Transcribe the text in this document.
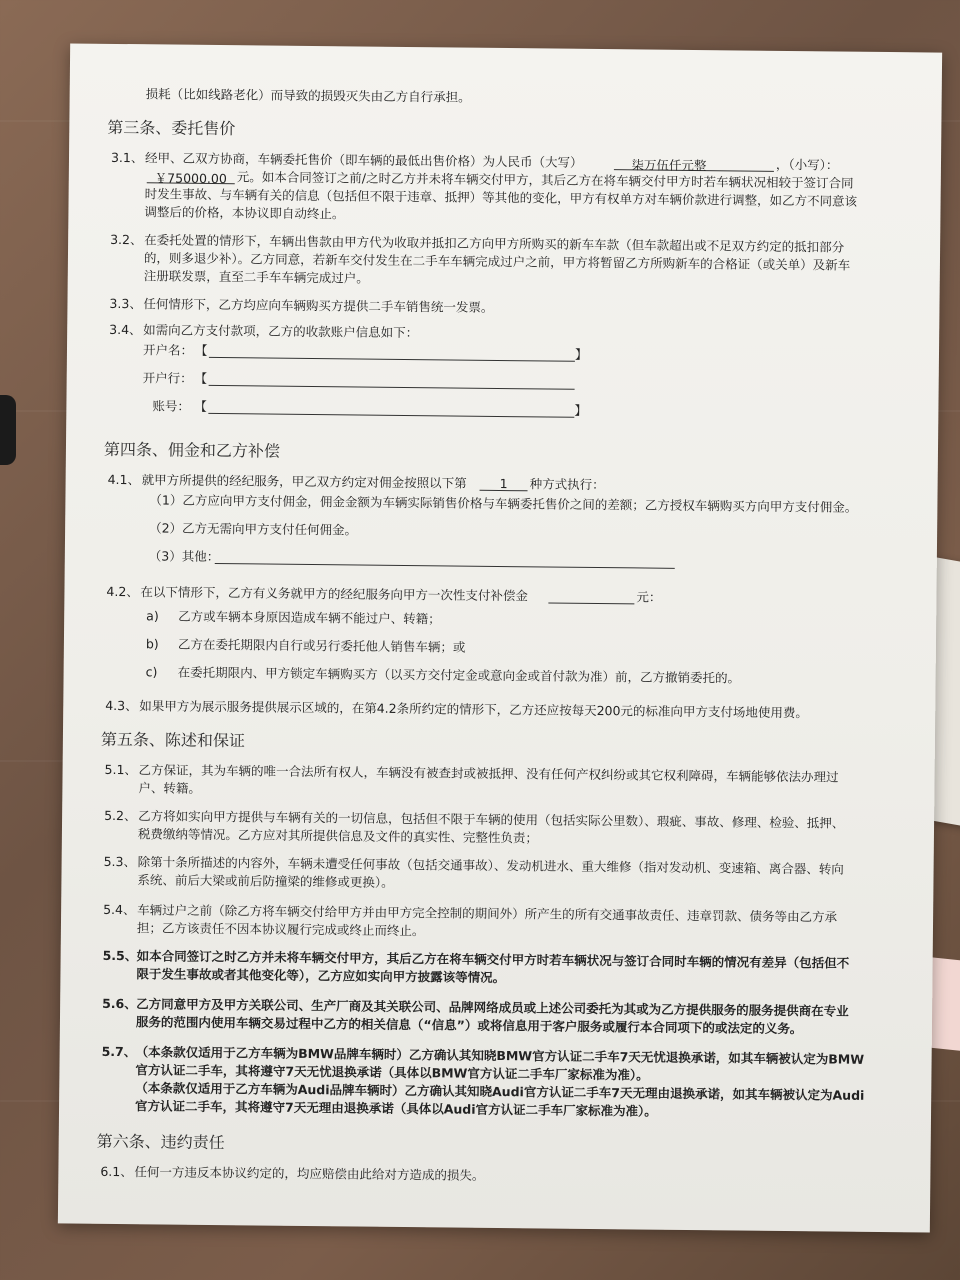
损耗（比如线路老化）而导致的损毁灭失由乙方自行承担。
第三条、委托售价
3.1、 经甲、乙双方协商，车辆委托售价（即车辆的最低出售价格）为人民币（大写）	柒万伍仟元整	，（小写）：
￥75000.00 元。如本合同签订之前/之时乙方并未将车辆交付甲方，其后乙方在将车辆交付甲方时若车辆状况相较于签订合同
时发生事故、与车辆有关的信息（包括但不限于违章、抵押）等其他的变化，甲方有权单方对车辆价款进行调整，如乙方不同意该
调整后的价格，本协议即自动终止。
3.2、 在委托处置的情形下，车辆出售款由甲方代为收取并抵扣乙方向甲方所购买的新车车款（但车款超出或不足双方约定的抵扣部分
的，则多退少补）。乙方同意，若新车交付发生在二手车车辆完成过户之前，甲方将暂留乙方所购新车的合格证（或关单）及新车
注册联发票，直至二手车车辆完成过户。
3.3、 任何情形下，乙方均应向车辆购买方提供二手车销售统一发票。
3.4、 如需向乙方支付款项，乙方的收款账户信息如下：
开户名： 【	】
开户行： 【
账号： 【	】
第四条、佣金和乙方补偿
4.1、 就甲方所提供的经纪服务，甲乙双方约定对佣金按照以下第	1	种方式执行：
（1）乙方应向甲方支付佣金，佣金金额为车辆实际销售价格与车辆委托售价之间的差额；乙方授权车辆购买方向甲方支付佣金。
（2）乙方无需向甲方支付任何佣金。
（3）其他：
4.2、 在以下情形下，乙方有义务就甲方的经纪服务向甲方一次性支付补偿金	元：
a) 乙方或车辆本身原因造成车辆不能过户、转籍；
b) 乙方在委托期限内自行或另行委托他人销售车辆；或
c) 在委托期限内、甲方锁定车辆购买方（以买方交付定金或意向金或首付款为准）前，乙方撤销委托的。
4.3、 如果甲方为展示服务提供展示区域的，在第4.2条所约定的情形下，乙方还应按每天200元的标准向甲方支付场地使用费。
第五条、陈述和保证
5.1、 乙方保证，其为车辆的唯一合法所有权人，车辆没有被查封或被抵押、没有任何产权纠纷或其它权利障碍，车辆能够依法办理过
户、转籍。
5.2、 乙方将如实向甲方提供与车辆有关的一切信息，包括但不限于车辆的使用（包括实际公里数）、瑕疵、事故、修理、检验、抵押、
税费缴纳等情况。乙方应对其所提供信息及文件的真实性、完整性负责；
5.3、 除第十条所描述的内容外，车辆未遭受任何事故（包括交通事故）、发动机进水、重大维修（指对发动机、变速箱、离合器、转向
系统、前后大梁或前后防撞梁的维修或更换）。
5.4、 车辆过户之前（除乙方将车辆交付给甲方并由甲方完全控制的期间外）所产生的所有交通事故责任、违章罚款、债务等由乙方承
担；乙方该责任不因本协议履行完成或终止而终止。
5.5、 如本合同签订之时乙方并未将车辆交付甲方，其后乙方在将车辆交付甲方时若车辆状况与签订合同时车辆的情况有差异（包括但不
限于发生事故或者其他变化等），乙方应如实向甲方披露该等情况。
5.6、 乙方同意甲方及甲方关联公司、生产厂商及其关联公司、品牌网络成员或上述公司委托为其或为乙方提供服务的服务提供商在专业
服务的范围内使用车辆交易过程中乙方的相关信息（“信息”）或将信息用于客户服务或履行本合同项下的或法定的义务。
5.7、 （本条款仅适用于乙方车辆为BMW品牌车辆时）乙方确认其知晓BMW官方认证二手车7天无忧退换承诺，如其车辆被认定为BMW
官方认证二手车，其将遵守7天无忧退换承诺（具体以BMW官方认证二手车厂家标准为准）。
（本条款仅适用于乙方车辆为Audi品牌车辆时）乙方确认其知晓Audi官方认证二手车7天无理由退换承诺，如其车辆被认定为Audi
官方认证二手车，其将遵守7天无理由退换承诺（具体以Audi官方认证二手车厂家标准为准）。
第六条、违约责任
6.1、 任何一方违反本协议约定的，均应赔偿由此给对方造成的损失。
